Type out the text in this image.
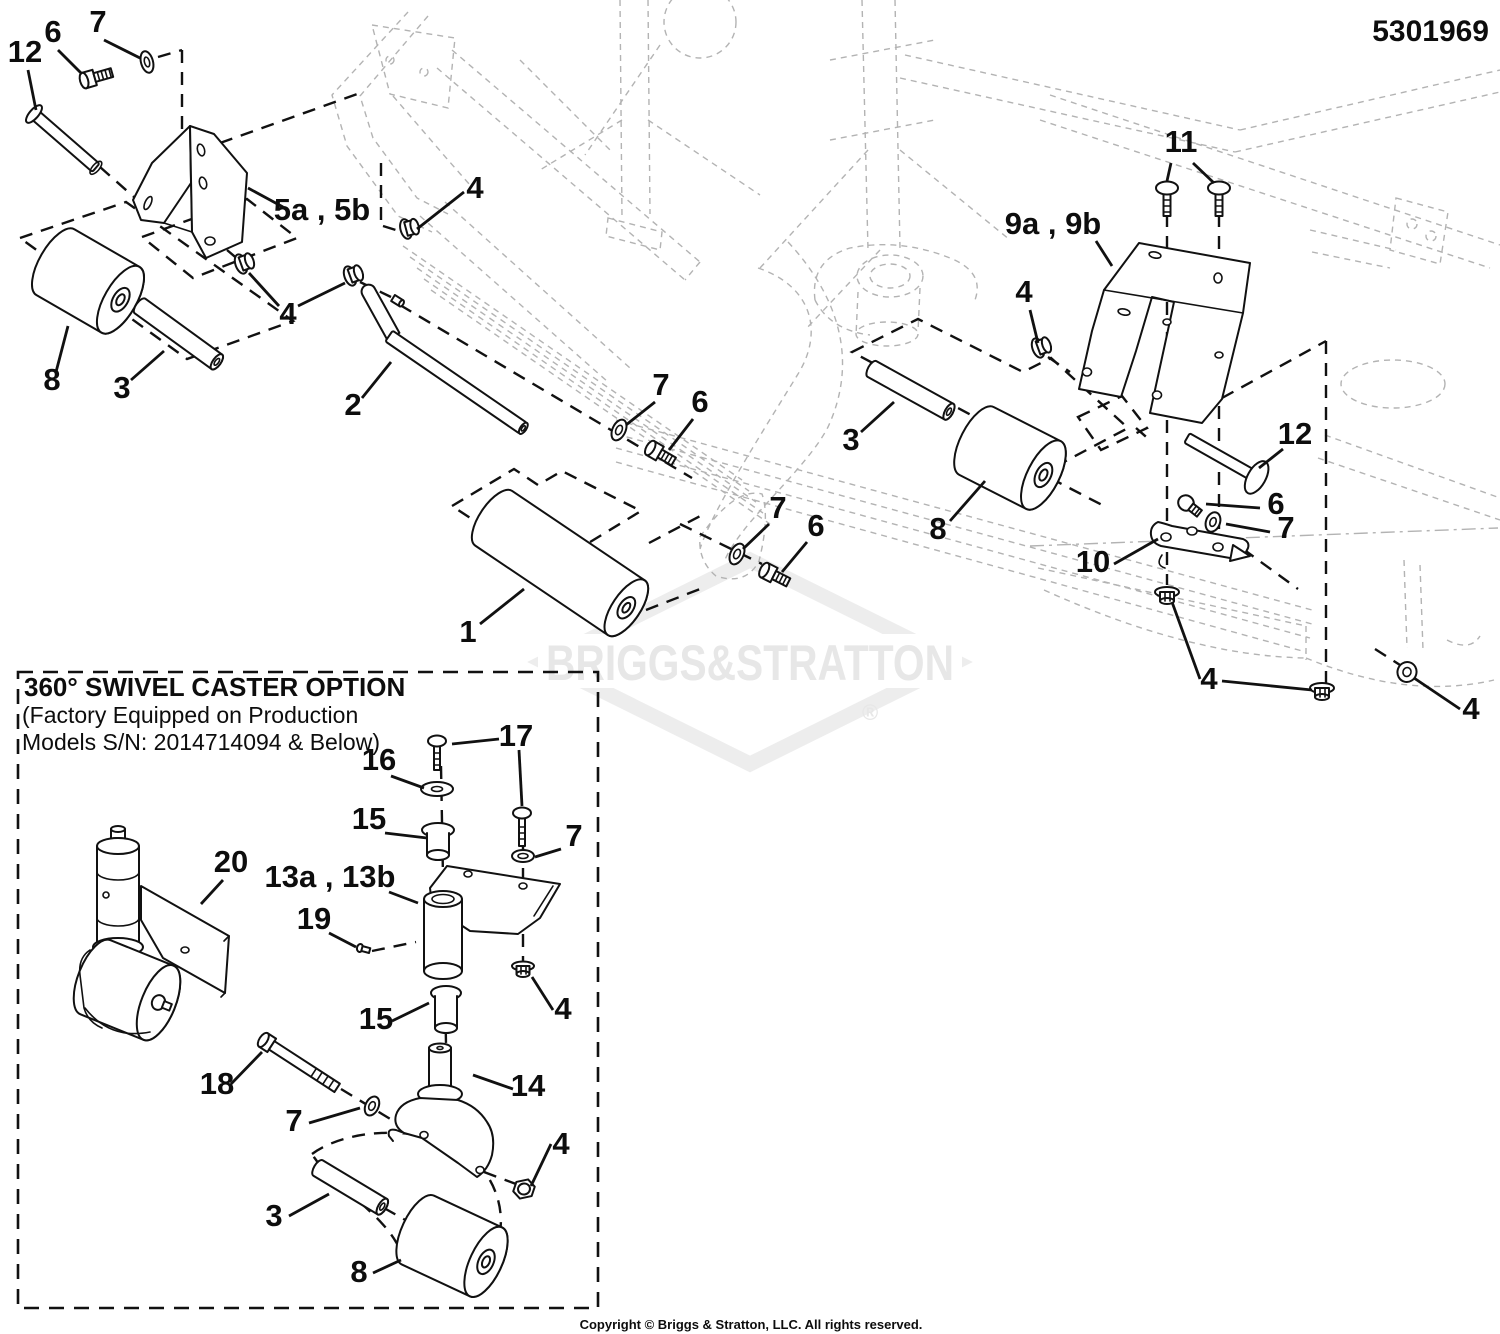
BRIGGS&STRATTON
®
12
6 7
5a , 5b
4
8 3
4
2
7 6
1
7
6
9a , 9b
11
4
3
8
12
6
7
10
4
4
17
16
15
13a , 13b
19
15
7
4
18
7
14
4
3
8
20
5301969
360° SWIVEL CASTER OPTION
(Factory Equipped on Production
Models S/N: 2014714094 & Below)
Copyright © Briggs & Stratton, LLC. All rights reserved.
